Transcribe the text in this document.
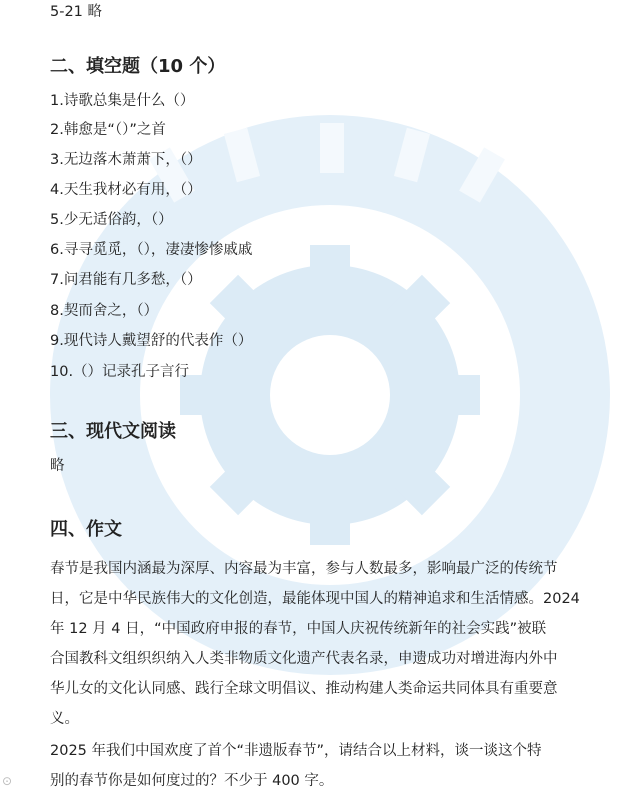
5-21 略
二、填空题（10 个）
1.诗歌总集是什么（）
2.韩愈是“（）”之首
3.无边落木萧萧下，（）
4.天生我材必有用，（）
5.少无适俗韵，（）
6.寻寻觅觅，（），凄凄惨惨戚戚
7.问君能有几多愁，（）
8.契而舍之，（）
9.现代诗人戴望舒的代表作（）
10.（）记录孔子言行
三、现代文阅读
略
四、作文
春节是我国内涵最为深厚、内容最为丰富，参与人数最多，影响最广泛的传统节
日，它是中华民族伟大的文化创造，最能体现中国人的精神追求和生活情感。2024
年 12 月 4 日，“中国政府申报的春节，中国人庆祝传统新年的社会实践”被联
合国教科文组织织纳入人类非物质文化遗产代表名录，申遗成功对增进海内外中
华儿女的文化认同感、践行全球文明倡议、推动构建人类命运共同体具有重要意
义。
2025 年我们中国欢度了首个“非遗版春节”，请结合以上材料，谈一谈这个特
别的春节你是如何度过的？不少于 400 字。
⊙
